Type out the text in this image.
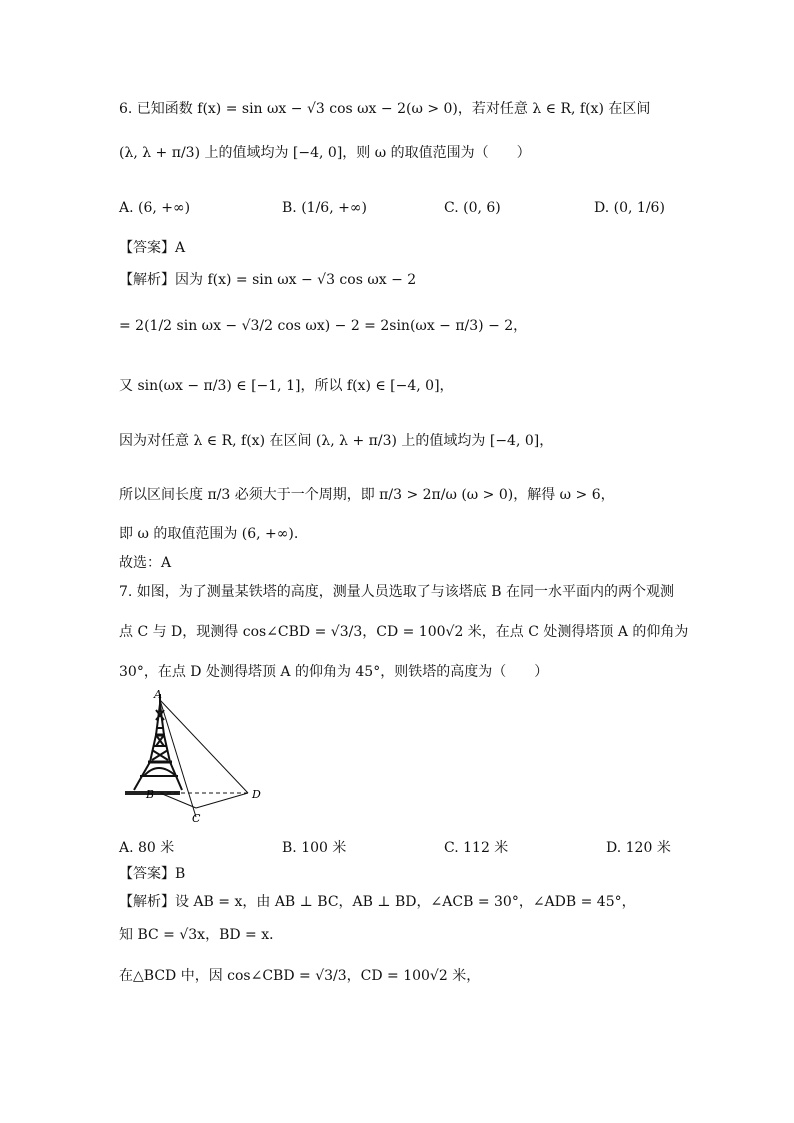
6. 已知函数 f(x) = sin ωx − √3 cos ωx − 2(ω > 0)，若对任意 λ ∈ R, f(x) 在区间
(λ, λ + π/3) 上的值域均为 [−4, 0]，则 ω 的取值范围为（　　）
A. (6, +∞)	B. (1/6, +∞)	C. (0, 6)	D. (0, 1/6)
【答案】A
【解析】因为 f(x) = sin ωx − √3 cos ωx − 2
= 2(1/2 sin ωx − √3/2 cos ωx) − 2 = 2sin(ωx − π/3) − 2，
又 sin(ωx − π/3) ∈ [−1, 1]，所以 f(x) ∈ [−4, 0]，
因为对任意 λ ∈ R, f(x) 在区间 (λ, λ + π/3) 上的值域均为 [−4, 0]，
所以区间长度 π/3 必须大于一个周期，即 π/3 > 2π/ω (ω > 0)，解得 ω > 6，
即 ω 的取值范围为 (6, +∞).
故选：A
7. 如图，为了测量某铁塔的高度，测量人员选取了与该塔底 B 在同一水平面内的两个观测
点 C 与 D，现测得 cos∠CBD = √3/3，CD = 100√2 米，在点 C 处测得塔顶 A 的仰角为
30°，在点 D 处测得塔顶 A 的仰角为 45°，则铁塔的高度为（　　）
A
B
C
D
A. 80 米	B. 100 米	C. 112 米	D. 120 米
【答案】B
【解析】设 AB = x，由 AB ⊥ BC，AB ⊥ BD，∠ACB = 30°，∠ADB = 45°，
知 BC = √3x，BD = x．
在△BCD 中，因 cos∠CBD = √3/3，CD = 100√2 米，
